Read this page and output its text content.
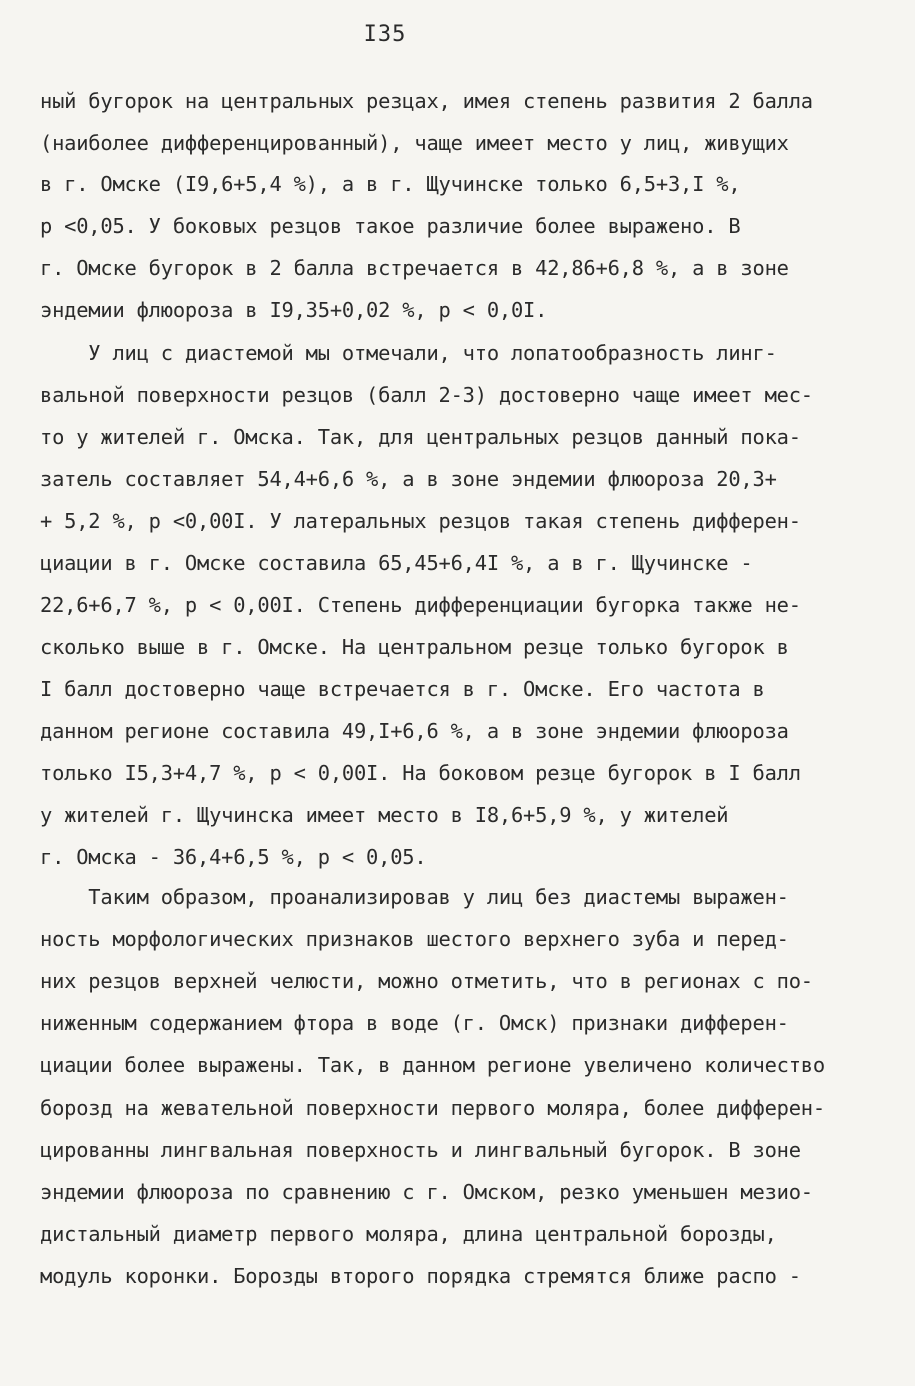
I35
ный бугорок на центральных резцах, имея степень развития 2 балла
(наиболее дифференцированный), чаще имеет место у лиц, живущих
в г. Омске (I9,6+5,4 %), а в г. Щучинске только 6,5+3,I %,
р <0,05. У боковых резцов такое различие более выражено. В
г. Омске бугорок в 2 балла встречается в 42,86+6,8 %, а в зоне
эндемии флюороза в I9,35+0,02 %, р < 0,0I.
У лиц с диастемой мы отмечали, что лопатообразность линг-
вальной поверхности резцов (балл 2-3) достоверно чаще имеет мес-
то у жителей г. Омска. Так, для центральных резцов данный пока-
затель составляет 54,4+6,6 %, а в зоне эндемии флюороза 20,3+
+ 5,2 %, р <0,00I. У латеральных резцов такая степень дифферен-
циации в г. Омске составила 65,45+6,4I %, а в г. Щучинске -
22,6+6,7 %, р < 0,00I. Степень дифференциации бугорка также не-
сколько выше в г. Омске. На центральном резце только бугорок в
I балл достоверно чаще встречается в г. Омске. Его частота в
данном регионе составила 49,I+6,6 %, а в зоне эндемии флюороза
только I5,3+4,7 %, р < 0,00I. На боковом резце бугорок в I балл
у жителей г. Щучинска имеет место в I8,6+5,9 %, у жителей
г. Омска - 36,4+6,5 %, р < 0,05.
Таким образом, проанализировав у лиц без диастемы выражен-
ность морфологических признаков шестого верхнего зуба и перед-
них резцов верхней челюсти, можно отметить, что в регионах с по-
ниженным содержанием фтора в воде (г. Омск) признаки дифферен-
циации более выражены. Так, в данном регионе увеличено количество
борозд на жевательной поверхности первого моляра, более дифферен-
цированны лингвальная поверхность и лингвальный бугорок. В зоне
эндемии флюороза по сравнению с г. Омском, резко уменьшен мезио-
дистальный диаметр первого моляра, длина центральной борозды,
модуль коронки. Борозды второго порядка стремятся ближе распо -
